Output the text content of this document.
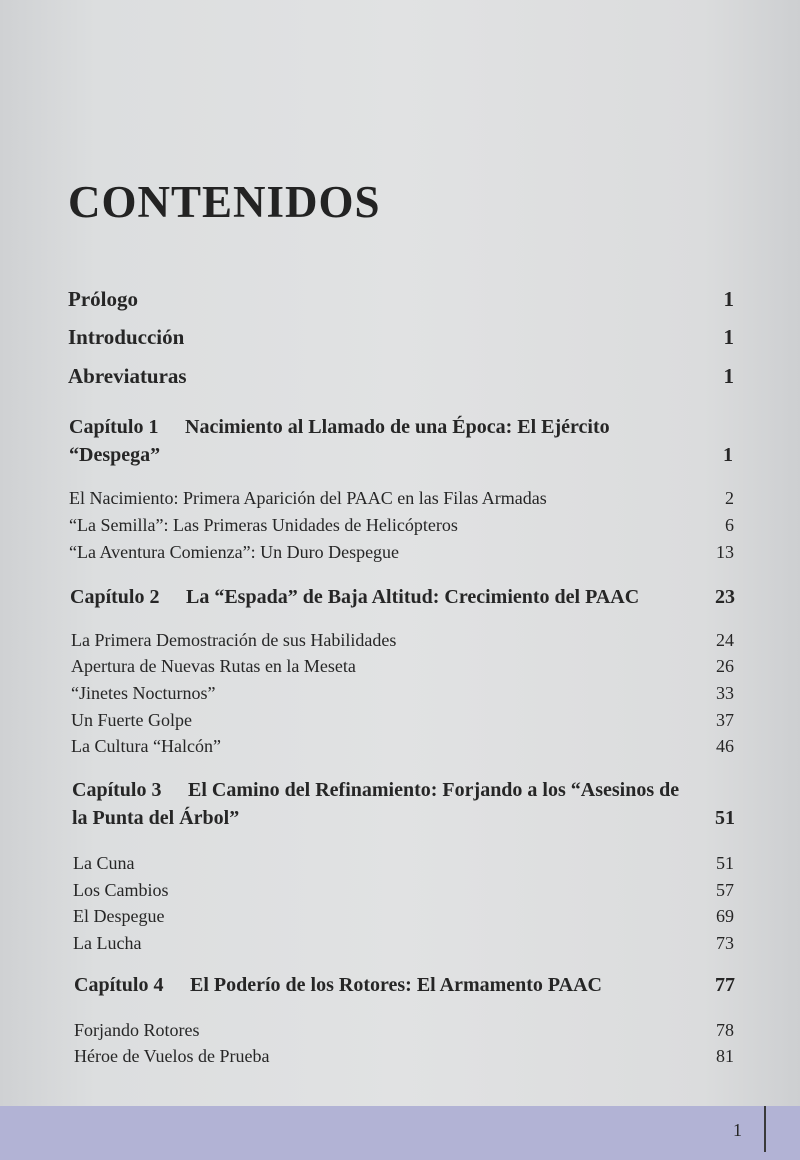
CONTENIDOS
Prólogo	1
Introducción	1
Abreviaturas	1
Capítulo 1 Nacimiento al Llamado de una Época: El Ejército
“Despega”	1
El Nacimiento: Primera Aparición del PAAC en las Filas Armadas	2
“La Semilla”: Las Primeras Unidades de Helicópteros	6
“La Aventura Comienza”: Un Duro Despegue	13
Capítulo 2 La “Espada” de Baja Altitud: Crecimiento del PAAC	23
La Primera Demostración de sus Habilidades	24
Apertura de Nuevas Rutas en la Meseta	26
“Jinetes Nocturnos”	33
Un Fuerte Golpe	37
La Cultura “Halcón”	46
Capítulo 3 El Camino del Refinamiento: Forjando a los “Asesinos de
la Punta del Árbol”	51
La Cuna	51
Los Cambios	57
El Despegue	69
La Lucha	73
Capítulo 4 El Poderío de los Rotores: El Armamento PAAC	77
Forjando Rotores	78
Héroe de Vuelos de Prueba	81
1
